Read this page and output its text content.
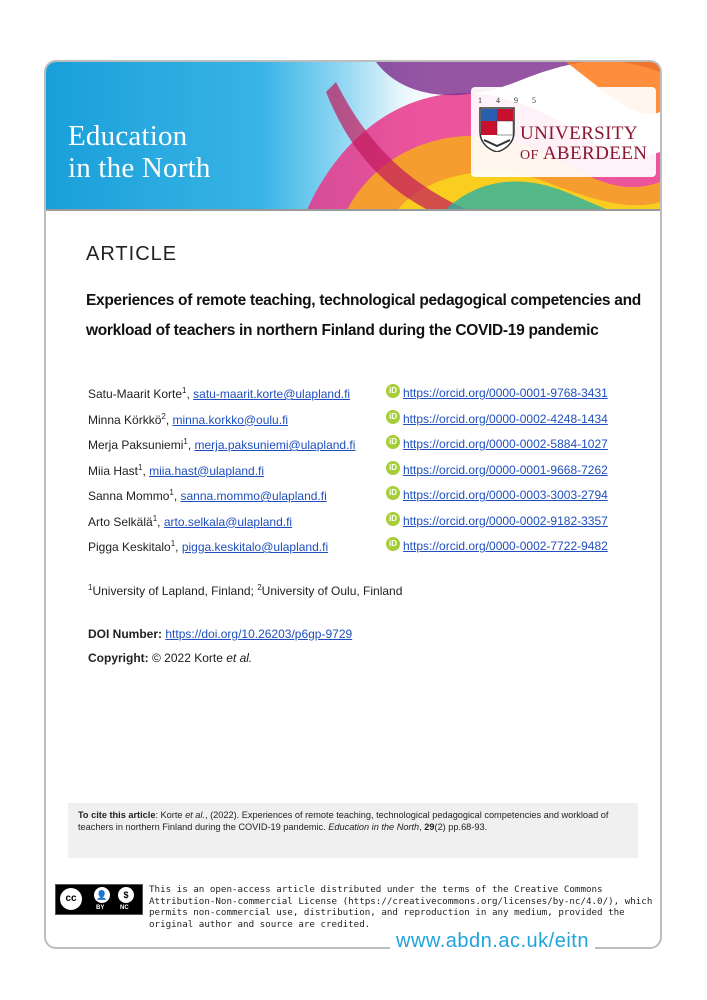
Education
in the North
1 4 9 5
UNIVERSITY
OF ABERDEEN
ARTICLE
Experiences of remote teaching, technological pedagogical competencies and workload of teachers in northern Finland during the COVID-19 pandemic
Satu-Maarit Korte$^1$, satu-maarit.korte@ulapland.fi	iD https://orcid.org/0000-0001-9768-3431
Minna Körkkö$^2$, minna.korkko@oulu.fi	iD https://orcid.org/0000-0002-4248-1434
Merja Paksuniemi$^1$, merja.paksuniemi@ulapland.fi	iD https://orcid.org/0000-0002-5884-1027
Miia Hast$^1$, miia.hast@ulapland.fi	iD https://orcid.org/0000-0001-9668-7262
Sanna Mommo$^1$, sanna.mommo@ulapland.fi	iD https://orcid.org/0000-0003-3003-2794
Arto Selkälä$^1$, arto.selkala@ulapland.fi	iD https://orcid.org/0000-0002-9182-3357
Pigga Keskitalo$^1$, pigga.keskitalo@ulapland.fi	iD https://orcid.org/0000-0002-7722-9482
$^1$University of Lapland, Finland; $^2$University of Oulu, Finland
DOI Number: https://doi.org/10.26203/p6gp-9729
Copyright: © 2022 Korte et al.
To cite this article: Korte et al., (2022). Experiences of remote teaching, technological pedagogical competencies and workload of teachers in northern Finland during the COVID-19 pandemic. Education in the North, 29(2) pp.68-93.
cc	👤	$
BY	NC
This is an open-access article distributed under the terms of the Creative Commons Attribution-Non-commercial License (https://creativecommons.org/licenses/by-nc/4.0/), which permits non-commercial use, distribution, and reproduction in any medium, provided the original author and source are credited.
www.abdn.ac.uk/eitn
